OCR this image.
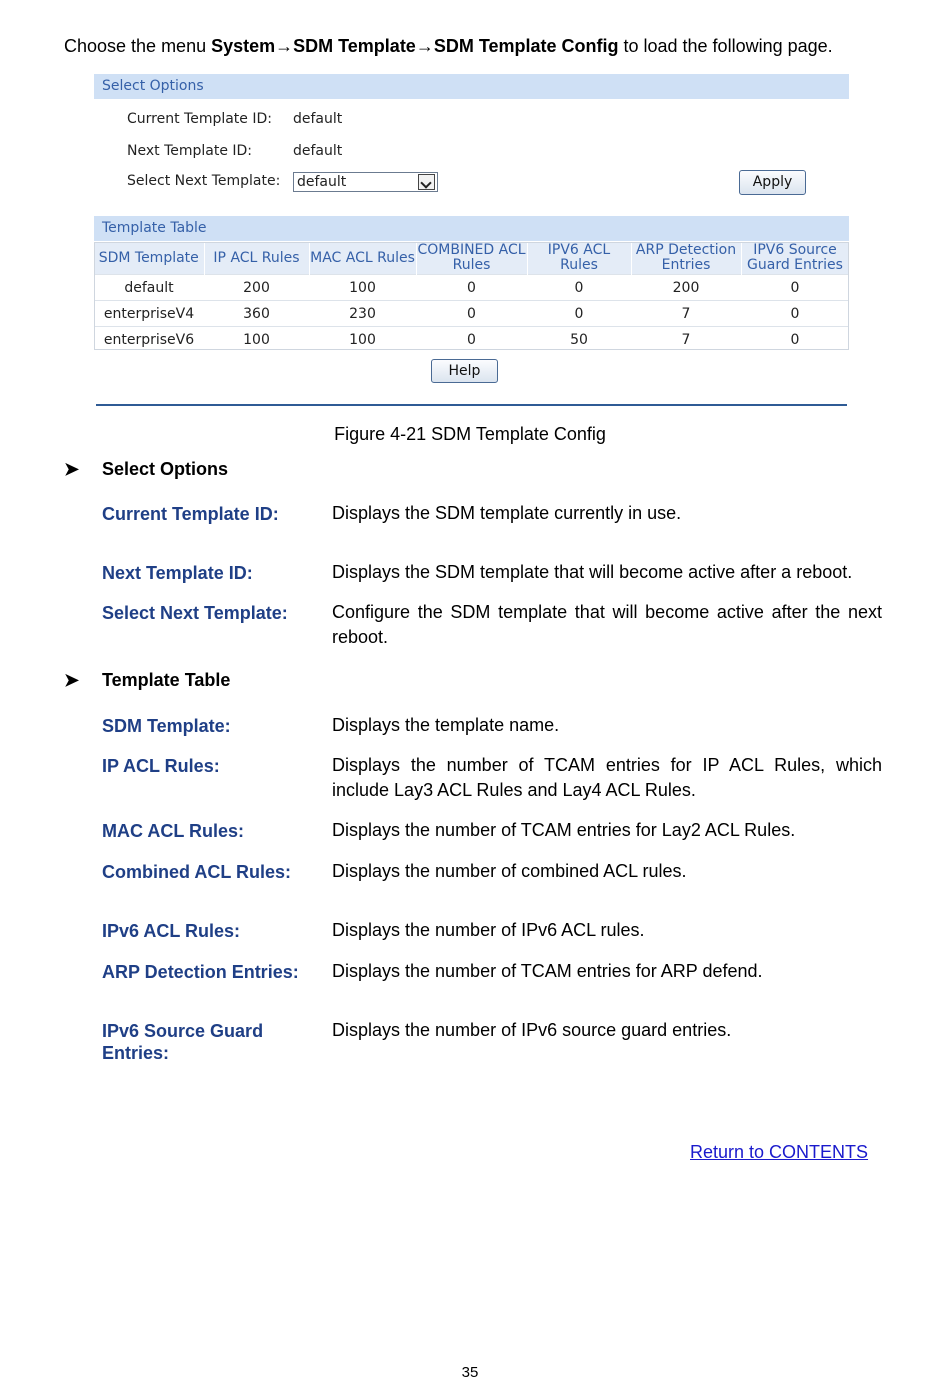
Choose the menu System→SDM Template→SDM Template Config to load the following page.
Select Options
Current Template ID: default
Next Template ID:	default
Select Next Template: default	Apply
Template Table
SDM Template	IP ACL Rules	MAC ACL Rules	COMBINED ACL Rules	IPV6 ACL Rules	ARP Detection Entries	IPV6 Source Guard Entries
default	200	100	0	0	200	0
enterpriseV4	360	230	0	0	7	0
enterpriseV6	100	100	0	50	7	0
Help
Figure 4-21 SDM Template Config
➤ Select Options
Current Template ID:	Displays the SDM template currently in use.
Next Template ID:	Displays the SDM template that will become active after a reboot.
Select Next Template:	Configure the SDM template that will become active after the next reboot.
➤ Template Table
SDM Template:	Displays the template name.
IP ACL Rules:	Displays the number of TCAM entries for IP ACL Rules, which include Lay3 ACL Rules and Lay4 ACL Rules.
MAC ACL Rules:	Displays the number of TCAM entries for Lay2 ACL Rules.
Combined ACL Rules:	Displays the number of combined ACL rules.
IPv6 ACL Rules:	Displays the number of IPv6 ACL rules.
ARP Detection Entries: Displays the number of TCAM entries for ARP defend.
IPv6 Source Guard Entries:
Displays the number of IPv6 source guard entries.
Return to CONTENTS
35
